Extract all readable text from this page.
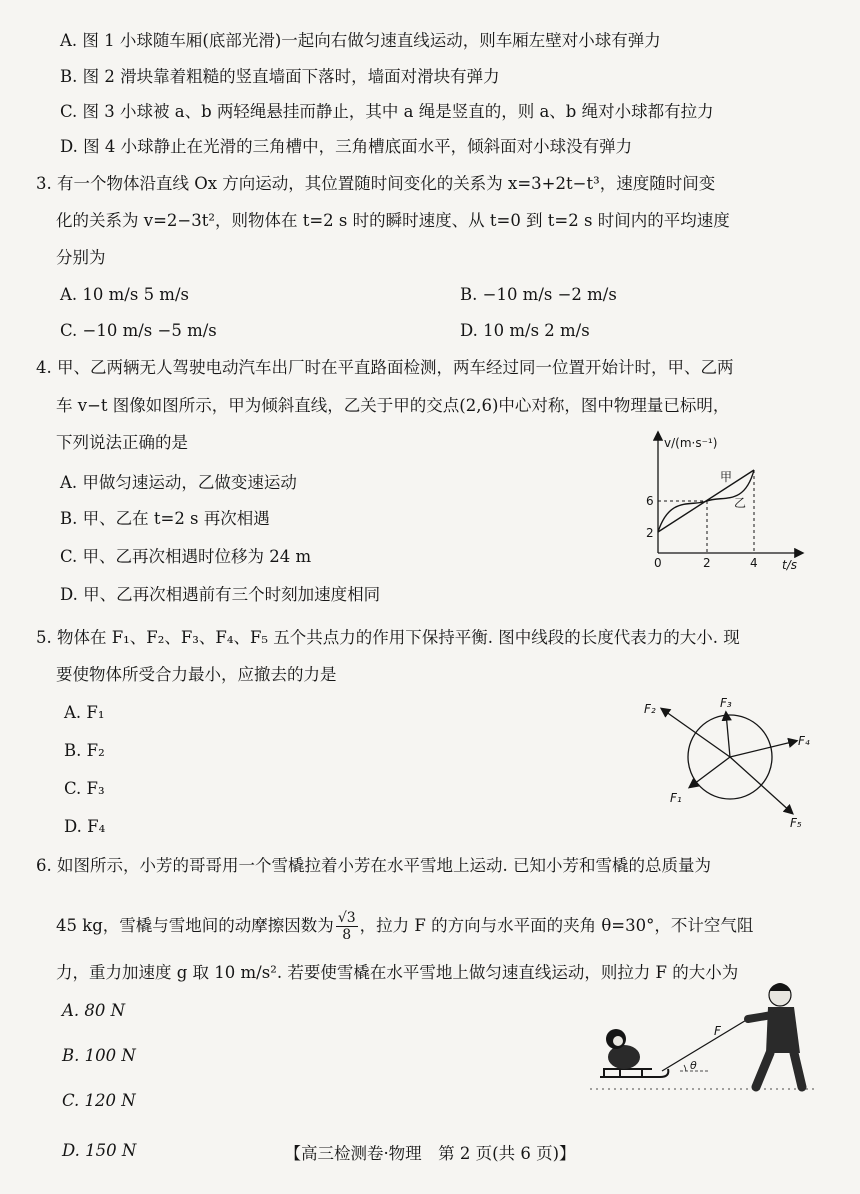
A. 图 1 小球随车厢(底部光滑)一起向右做匀速直线运动，则车厢左壁对小球有弹力
B. 图 2 滑块靠着粗糙的竖直墙面下落时，墙面对滑块有弹力
C. 图 3 小球被 a、b 两轻绳悬挂而静止，其中 a 绳是竖直的，则 a、b 绳对小球都有拉力
D. 图 4 小球静止在光滑的三角槽中，三角槽底面水平，倾斜面对小球没有弹力
3. 有一个物体沿直线 Ox 方向运动，其位置随时间变化的关系为 x=3+2t−t³，速度随时间变
化的关系为 v=2−3t²，则物体在 t=2 s 时的瞬时速度、从 t=0 到 t=2 s 时间内的平均速度
分别为
A. 10 m/s 5 m/s	B. −10 m/s −2 m/s
C. −10 m/s −5 m/s	D. 10 m/s 2 m/s
4. 甲、乙两辆无人驾驶电动汽车出厂时在平直路面检测，两车经过同一位置开始计时，甲、乙两
车 v−t 图像如图所示，甲为倾斜直线，乙关于甲的交点(2,6)中心对称，图中物理量已标明，
下列说法正确的是
A. 甲做匀速运动，乙做变速运动
B. 甲、乙在 t=2 s 再次相遇
C. 甲、乙再次相遇时位移为 24 m
D. 甲、乙再次相遇前有三个时刻加速度相同
v/(m·s⁻¹)
t/s
6
2
0	2	4
甲
乙
5. 物体在 F₁、F₂、F₃、F₄、F₅ 五个共点力的作用下保持平衡. 图中线段的长度代表力的大小. 现
要使物体所受合力最小，应撤去的力是
A. F₁
B. F₂
C. F₃
D. F₄
F₁
F₂	F₃
F₄
F₅
6. 如图所示，小芳的哥哥用一个雪橇拉着小芳在水平雪地上运动. 已知小芳和雪橇的总质量为
45 kg，雪橇与雪地间的动摩擦因数为 $\frac{√3}{8}$ ，拉力 F 的方向与水平面的夹角 θ=30°，不计空气阻
力，重力加速度 g 取 10 m/s². 若要使雪橇在水平雪地上做匀速直线运动，则拉力 F 的大小为
A. 80 N
B. 100 N
C. 120 N
D. 150 N
θ
F
【高三检测卷·物理　第 2 页(共 6 页)】
